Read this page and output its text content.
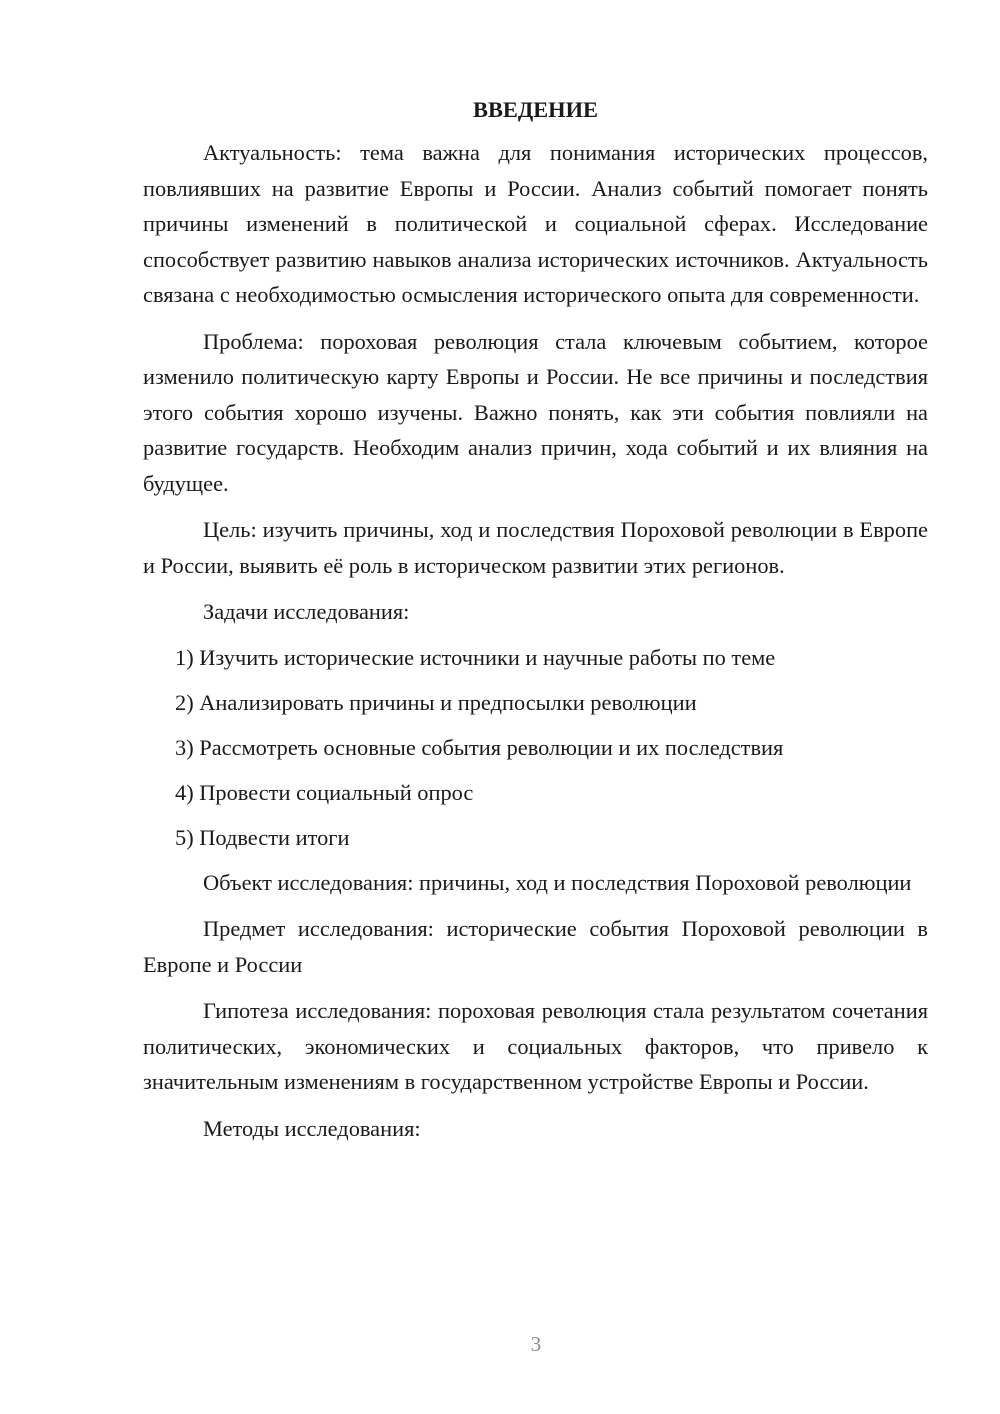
ВВЕДЕНИЕ

Актуальность: тема важна для понимания исторических процессов, повлиявших на развитие Европы и России. Анализ событий помогает понять причины изменений в политической и социальной сферах. Исследование способствует развитию навыков анализа исторических источников. Актуальность связана с необходимостью осмысления исторического опыта для современности.

Проблема: пороховая революция стала ключевым событием, которое изменило политическую карту Европы и России. Не все причины и последствия этого события хорошо изучены. Важно понять, как эти события повлияли на развитие государств. Необходим анализ причин, хода событий и их влияния на будущее.

Цель: изучить причины, ход и последствия Пороховой революции в Европе и России, выявить её роль в историческом развитии этих регионов.

Задачи исследования:

1) Изучить исторические источники и научные работы по теме
2) Анализировать причины и предпосылки революции
3) Рассмотреть основные события революции и их последствия
4) Провести социальный опрос
5) Подвести итоги

Объект исследования: причины, ход и последствия Пороховой революции

Предмет исследования: исторические события Пороховой революции в Европе и России

Гипотеза исследования: пороховая революция стала результатом сочетания политических, экономических и социальных факторов, что привело к значительным изменениям в государственном устройстве Европы и России.

Методы исследования:

3
